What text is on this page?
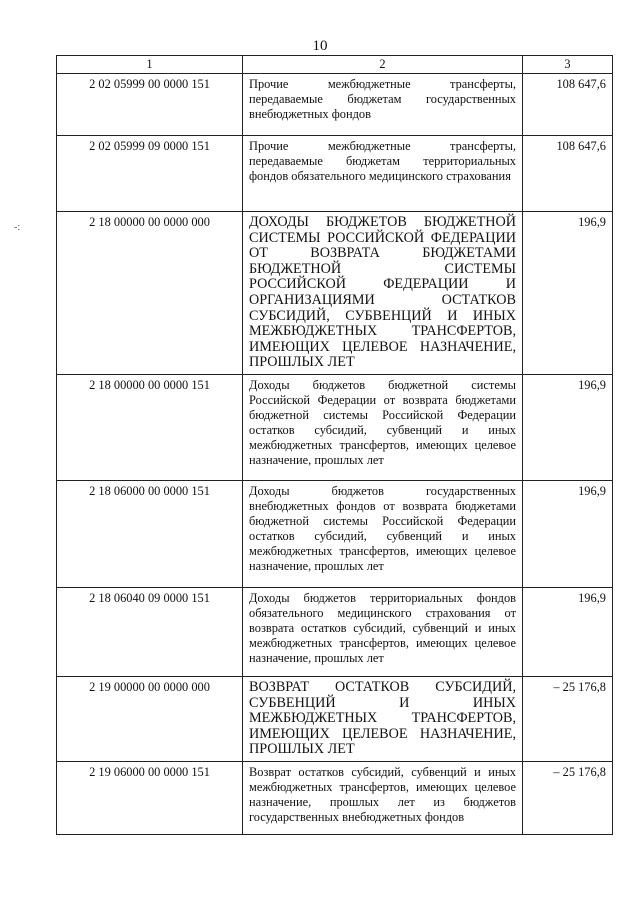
10
1	2	3
2 02 05999 00 0000 151	Прочие межбюджетные трансферты, передаваемые бюджетам государственных внебюджетных фондов	108 647,6
2 02 05999 09 0000 151	Прочие межбюджетные трансферты, передаваемые бюджетам территориальных фондов обязательного медицинского страхования	108 647,6
2 18 00000 00 0000 000	ДОХОДЫ БЮДЖЕТОВ БЮДЖЕТНОЙ СИСТЕМЫ РОССИЙСКОЙ ФЕДЕРАЦИИ ОТ ВОЗВРАТА БЮДЖЕТАМИ БЮДЖЕТНОЙ СИСТЕМЫ РОССИЙСКОЙ ФЕДЕРАЦИИ И ОРГАНИЗАЦИЯМИ ОСТАТКОВ СУБСИДИЙ, СУБВЕНЦИЙ И ИНЫХ МЕЖБЮДЖЕТНЫХ ТРАНСФЕРТОВ, ИМЕЮЩИХ ЦЕЛЕВОЕ НАЗНАЧЕНИЕ, ПРОШЛЫХ ЛЕТ	196,9
2 18 00000 00 0000 151	Доходы бюджетов бюджетной системы Российской Федерации от возврата бюджетами бюджетной системы Российской Федерации остатков субсидий, субвенций и иных межбюджетных трансфертов, имеющих целевое назначение, прошлых лет	196,9
2 18 06000 00 0000 151	Доходы бюджетов государственных внебюджетных фондов от возврата бюджетами бюджетной системы Российской Федерации остатков субсидий, субвенций и иных межбюджетных трансфертов, имеющих целевое назначение, прошлых лет	196,9
2 18 06040 09 0000 151	Доходы бюджетов территориальных фондов обязательного медицинского страхования от возврата остатков субсидий, субвенций и иных межбюджетных трансфертов, имеющих целевое назначение, прошлых лет	196,9
2 19 00000 00 0000 000	ВОЗВРАТ ОСТАТКОВ СУБСИДИЙ, СУБВЕНЦИЙ И ИНЫХ МЕЖБЮДЖЕТНЫХ ТРАНСФЕРТОВ, ИМЕЮЩИХ ЦЕЛЕВОЕ НАЗНАЧЕНИЕ, ПРОШЛЫХ ЛЕТ	– 25 176,8
2 19 06000 00 0000 151	Возврат остатков субсидий, субвенций и иных межбюджетных трансфертов, имеющих целевое назначение, прошлых лет из бюджетов государственных внебюджетных фондов	– 25 176,8
-:
